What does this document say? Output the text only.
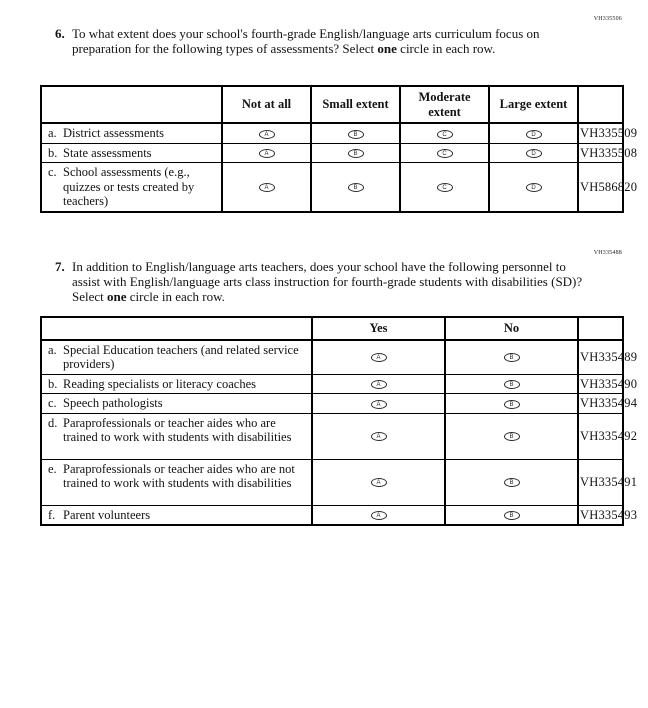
VH335506
6. To what extent does your school's fourth-grade English/language arts curriculum focus on preparation for the following types of assessments? Select one circle in each row.
	Not at all	Small extent	Moderate extent	Large extent	

a. District assessments	A	B	C	D	VH335509

b. State assessments	A	B	C	D	VH335508

c. School assessments (e.g., quizzes or tests created by teachers)	A	B	C	D	VH586820
VH335488
7. In addition to English/language arts teachers, does your school have the following personnel to assist with English/language arts class instruction for fourth-grade students with disabilities (SD)? Select one circle in each row.
	Yes	No	

a. Special Education teachers (and related service providers)	A	B	VH335489

b. Reading specialists or literacy coaches	A	B	VH335490

c. Speech pathologists	A	B	VH335494

d. Paraprofessionals or teacher aides who are trained to work with students with disabilities	A	B	VH335492

e. Paraprofessionals or teacher aides who are not trained to work with students with disabilities	A	B	VH335491

f. Parent volunteers	A	B	VH335493
